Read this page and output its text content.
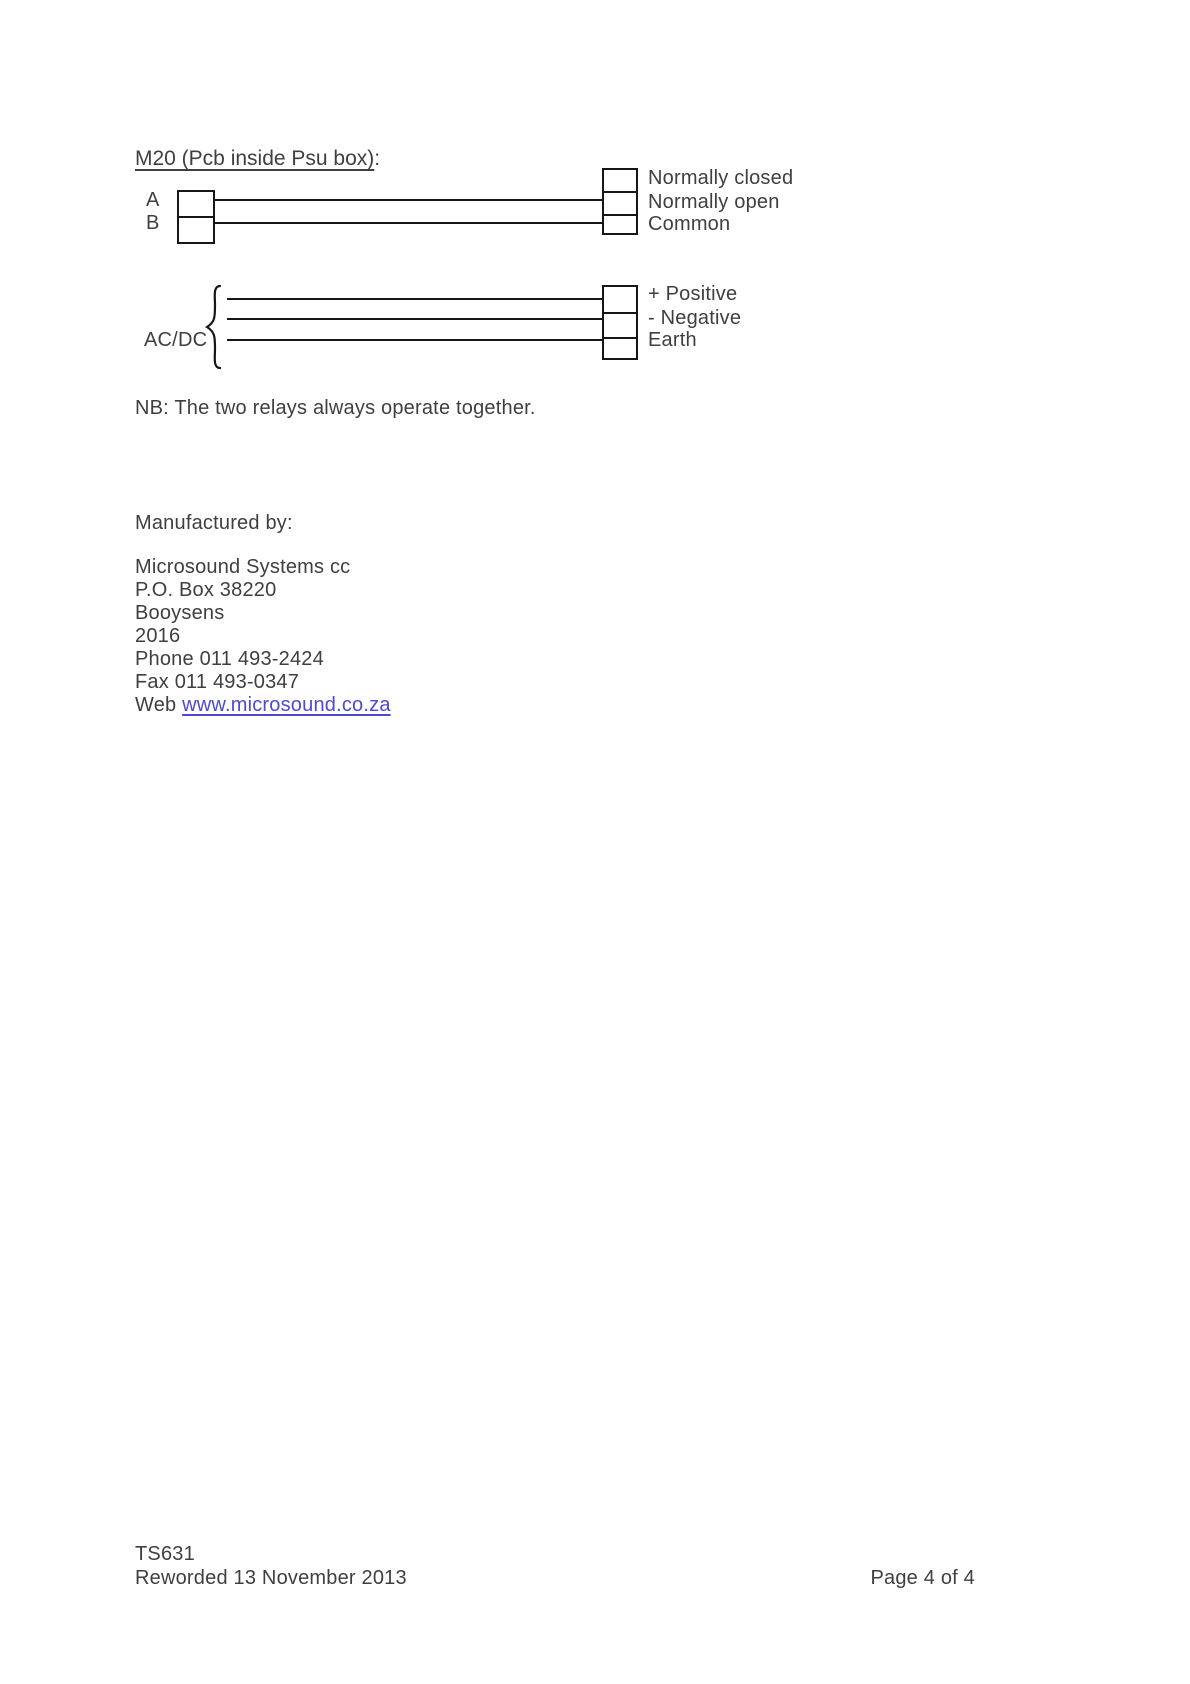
M20 (Pcb inside Psu box):
A
B
Normally closed
Normally open
Common
AC/DC
+ Positive
- Negative
Earth
NB: The two relays always operate together.
Manufactured by:
Microsound Systems cc
P.O. Box 38220
Booysens
2016
Phone 011 493-2424
Fax 011 493-0347
Web www.microsound.co.za
TS631
Reworded 13 November 2013	Page 4 of 4
